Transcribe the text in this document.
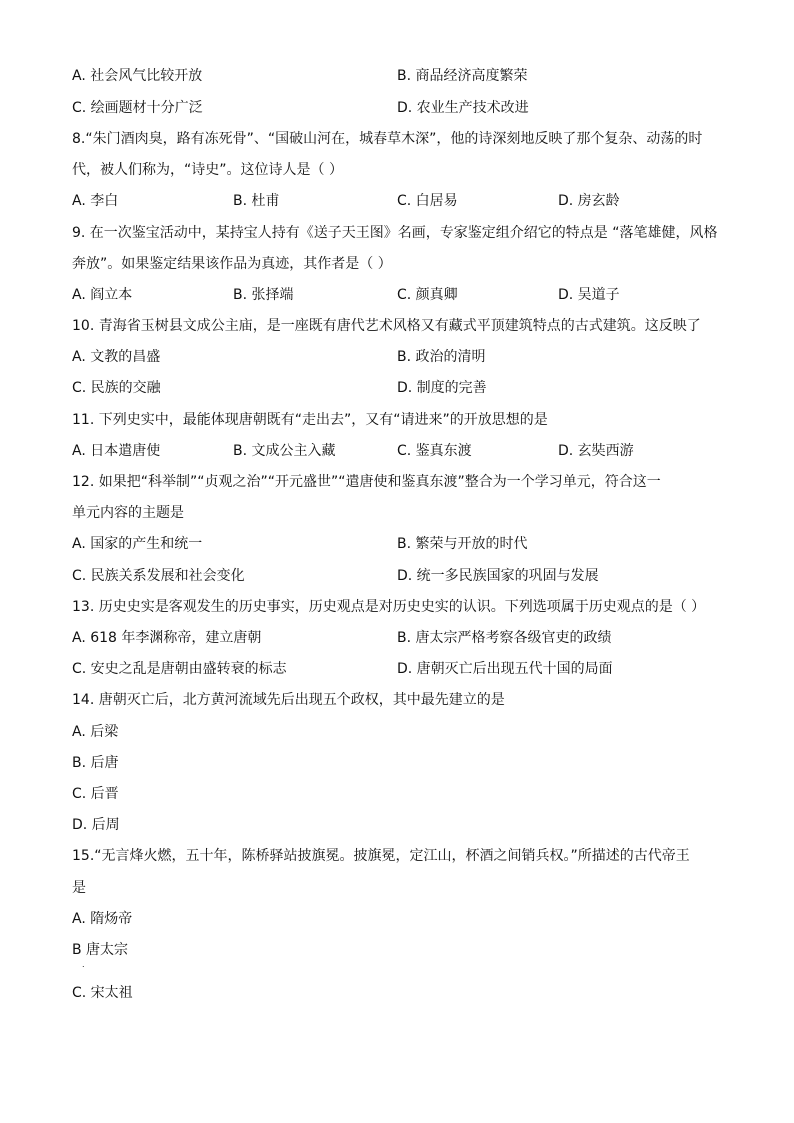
A. 社会风气比较开放	B. 商品经济高度繁荣
C. 绘画题材十分广泛	D. 农业生产技术改进
8.“朱门酒肉臭，路有冻死骨”、“国破山河在，城春草木深”，他的诗深刻地反映了那个复杂、动荡的时
代，被人们称为，“诗史”。这位诗人是（ ）
A. 李白	B. 杜甫	C. 白居易	D. 房玄龄
9. 在一次鉴宝活动中，某持宝人持有《送子天王图》名画，专家鉴定组介绍它的特点是 “落笔雄健，风格
奔放”。如果鉴定结果该作品为真迹，其作者是（ ）
A. 阎立本	B. 张择端	C. 颜真卿	D. 吴道子
10. 青海省玉树县文成公主庙，是一座既有唐代艺术风格又有藏式平顶建筑特点的古式建筑。这反映了
A. 文教的昌盛	B. 政治的清明
C. 民族的交融	D. 制度的完善
11. 下列史实中，最能体现唐朝既有“走出去”，又有“请进来”的开放思想的是
A. 日本遣唐使	B. 文成公主入藏	C. 鉴真东渡	D. 玄奘西游
12. 如果把“科举制”“贞观之治”“开元盛世”“遣唐使和鉴真东渡”整合为一个学习单元，符合这一
单元内容的主题是
A. 国家的产生和统一	B. 繁荣与开放的时代
C. 民族关系发展和社会变化	D. 统一多民族国家的巩固与发展
13. 历史史实是客观发生的历史事实，历史观点是对历史史实的认识。下列选项属于历史观点的是（ ）
A. 618 年李渊称帝，建立唐朝	B. 唐太宗严格考察各级官吏的政绩
C. 安史之乱是唐朝由盛转衰的标志	D. 唐朝灭亡后出现五代十国的局面
14. 唐朝灭亡后，北方黄河流域先后出现五个政权，其中最先建立的是
A. 后梁
B. 后唐
C. 后晋
D. 后周
15.“无言烽火燃，五十年，陈桥驿站披旗冕。披旗冕，定江山，杯酒之间销兵权。”所描述的古代帝王
是
A. 隋炀帝
B 唐太宗
.
C. 宋太祖
